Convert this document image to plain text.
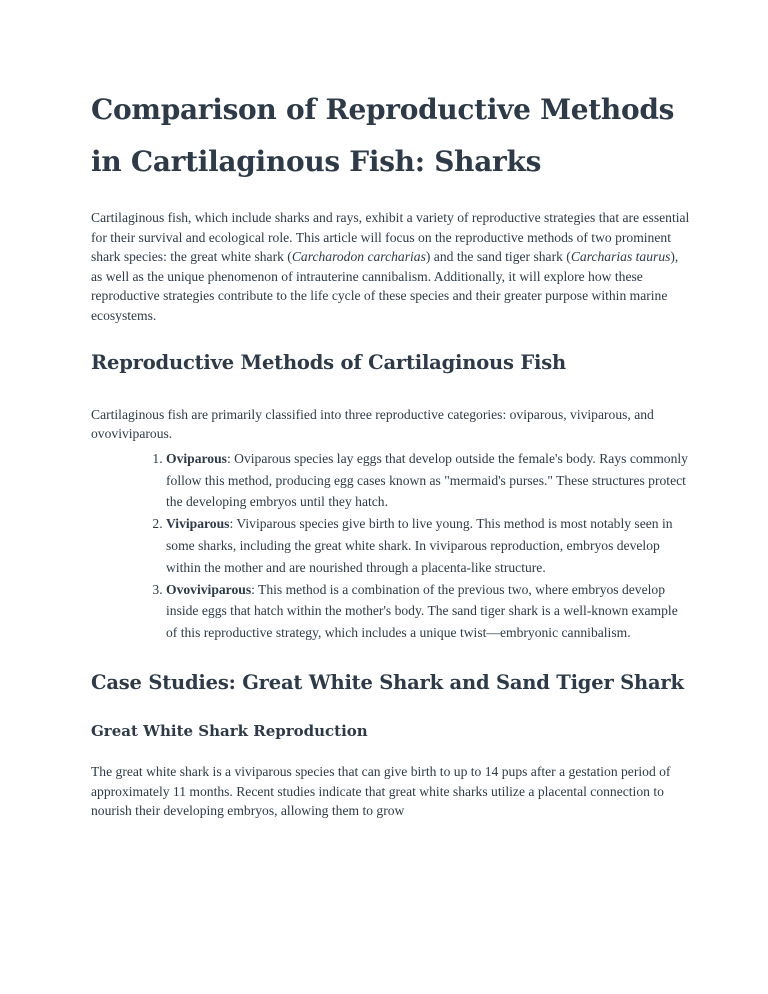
Comparison of Reproductive Methods in Cartilaginous Fish: Sharks

Cartilaginous fish, which include sharks and rays, exhibit a variety of reproductive strategies that are essential for their survival and ecological role. This article will focus on the reproductive methods of two prominent shark species: the great white shark (Carcharodon carcharias) and the sand tiger shark (Carcharias taurus), as well as the unique phenomenon of intrauterine cannibalism. Additionally, it will explore how these reproductive strategies contribute to the life cycle of these species and their greater purpose within marine ecosystems.

Reproductive Methods of Cartilaginous Fish

Cartilaginous fish are primarily classified into three reproductive categories: oviparous, viviparous, and ovoviviparous.

1. Oviparous: Oviparous species lay eggs that develop outside the female's body. Rays commonly follow this method, producing egg cases known as "mermaid's purses." These structures protect the developing embryos until they hatch.
2. Viviparous: Viviparous species give birth to live young. This method is most notably seen in some sharks, including the great white shark. In viviparous reproduction, embryos develop within the mother and are nourished through a placenta-like structure.
3. Ovoviviparous: This method is a combination of the previous two, where embryos develop inside eggs that hatch within the mother's body. The sand tiger shark is a well-known example of this reproductive strategy, which includes a unique twist—embryonic cannibalism.
Case Studies: Great White Shark and Sand Tiger Shark
Great White Shark Reproduction

The great white shark is a viviparous species that can give birth to up to 14 pups after a gestation period of approximately 11 months. Recent studies indicate that great white sharks utilize a placental connection to nourish their developing embryos, allowing them to grow
